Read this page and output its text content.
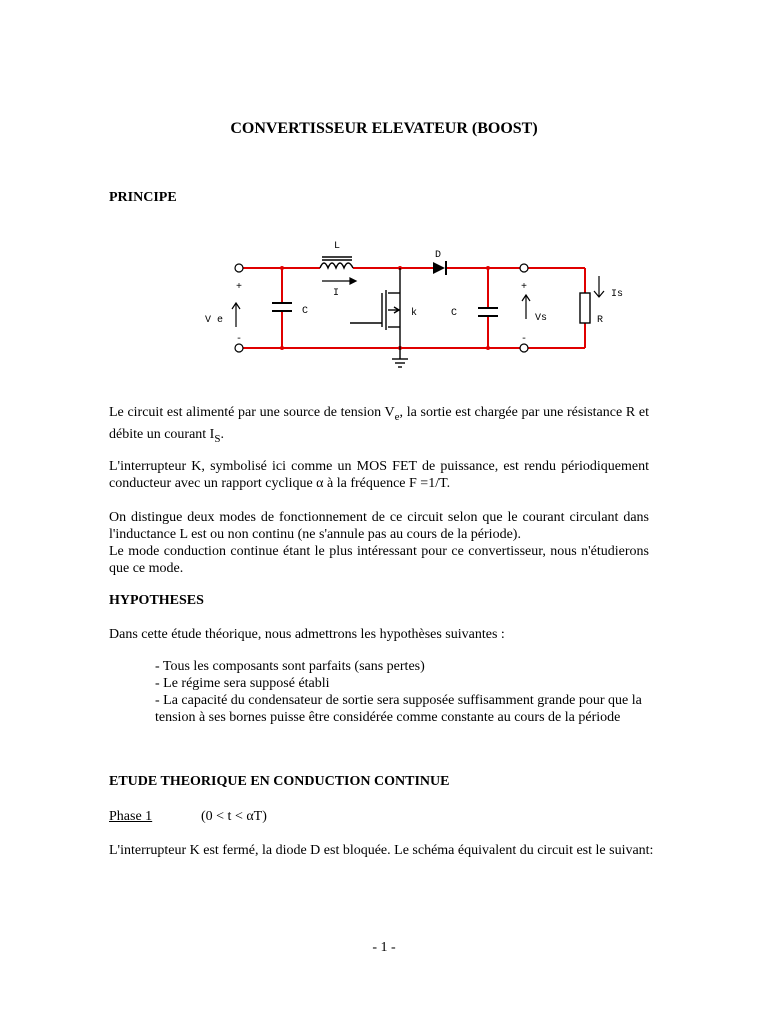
CONVERTISSEUR ELEVATEUR (BOOST)
PRINCIPE
L
I
D
C	k	C
V e	Vs
Is
R
+
-
+
-
Le circuit est alimenté par une source de tension $V_e$, la sortie est chargée par une résistance R et débite un courant $I_S$.
L'interrupteur K, symbolisé ici comme un MOS FET de puissance, est rendu périodiquement conducteur avec un rapport cyclique α à la fréquence F =1/T.
On distingue deux modes de fonctionnement de ce circuit selon que le courant circulant dans l'inductance L est ou non continu (ne s'annule pas au cours de la période).
Le mode conduction continue étant le plus intéressant pour ce convertisseur, nous n'étudierons que ce mode.
HYPOTHESES
Dans cette étude théorique, nous admettrons les hypothèses suivantes :
- Tous les composants sont parfaits (sans pertes)
- Le régime sera supposé établi
- La capacité du condensateur de sortie sera supposée suffisamment grande pour que la tension à ses bornes puisse être considérée comme constante au cours de la période
ETUDE THEORIQUE EN CONDUCTION CONTINUE
Phase 1	(0 < t < αT)
L'interrupteur K est fermé, la diode D est bloquée. Le schéma équivalent du circuit est le suivant:
- 1 -
